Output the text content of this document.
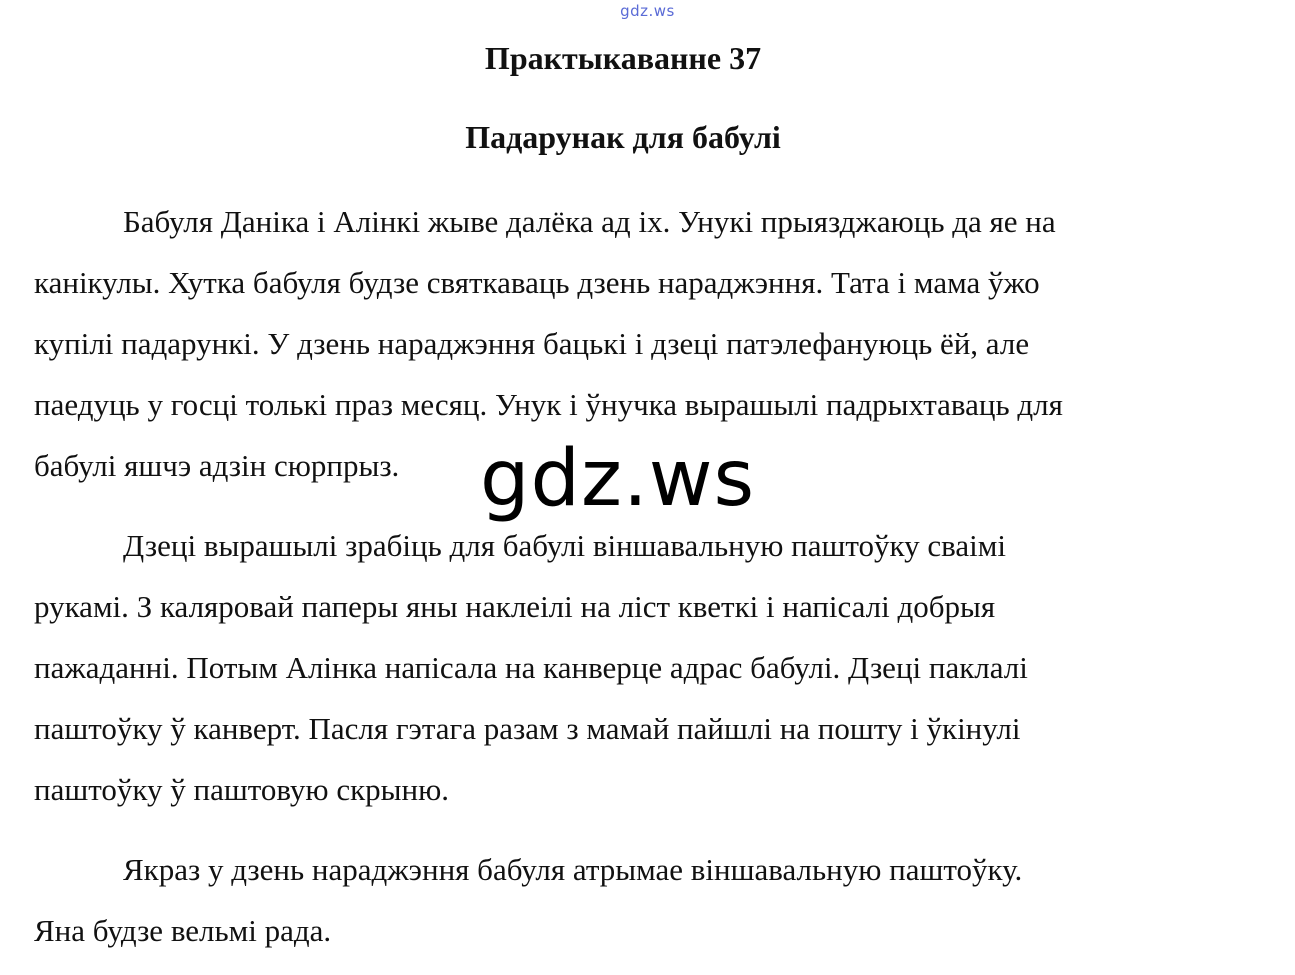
gdz.ws
Практыкаванне 37
Падарунак для бабулі

Бабуля Даніка і Алінкі жыве далёка ад іх. Унукі прыязджаюць да яе на
канікулы. Хутка бабуля будзе святкаваць дзень нараджэння. Тата і мама ўжо
купілі падарункі. У дзень нараджэння бацькі і дзеці патэлефануюць ёй, але
паедуць у госці толькі праз месяц. Унук і ўнучка вырашылі падрыхтаваць для
бабулі яшчэ адзін сюрпрыз.

Дзеці вырашылі зрабіць для бабулі віншавальную паштоўку сваімі
рукамі. З каляровай паперы яны наклеілі на ліст кветкі і напісалі добрыя
пажаданні. Потым Алінка напісала на канверце адрас бабулі. Дзеці паклалі
паштоўку ў канверт. Пасля гэтага разам з мамай пайшлі на пошту і ўкінулі
паштоўку ў паштовую скрыню.

Якраз у дзень нараджэння бабуля атрымае віншавальную паштоўку.
Яна будзе вельмі рада.

gdz.ws
